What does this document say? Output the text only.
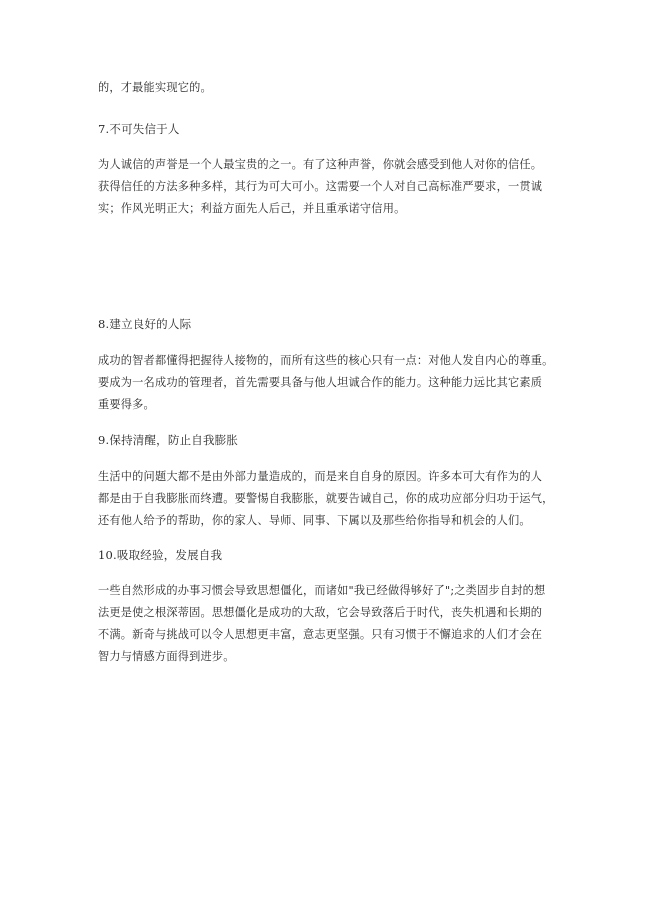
的，才最能实现它的。

7.不可失信于人

为人诚信的声誉是一个人最宝贵的之一。有了这种声誉，你就会感受到他人对你的信任。
获得信任的方法多种多样，其行为可大可小。这需要一个人对自己高标准严要求，一贯诚
实；作风光明正大；利益方面先人后己，并且重承诺守信用。

8.建立良好的人际

成功的智者都懂得把握待人接物的，而所有这些的核心只有一点：对他人发自内心的尊重。
要成为一名成功的管理者，首先需要具备与他人坦诚合作的能力。这种能力远比其它素质
重要得多。

9.保持清醒，防止自我膨胀

生活中的问题大都不是由外部力量造成的，而是来自自身的原因。许多本可大有作为的人
都是由于自我膨胀而终遭。要警惕自我膨胀，就要告诫自己，你的成功应部分归功于运气，
还有他人给予的帮助，你的家人、导师、同事、下属以及那些给你指导和机会的人们。

10.吸取经验，发展自我

一些自然形成的办事习惯会导致思想僵化，而诸如"我已经做得够好了";之类固步自封的想
法更是使之根深蒂固。思想僵化是成功的大敌，它会导致落后于时代，丧失机遇和长期的
不满。新奇与挑战可以令人思想更丰富，意志更坚强。只有习惯于不懈追求的人们才会在
智力与情感方面得到进步。
